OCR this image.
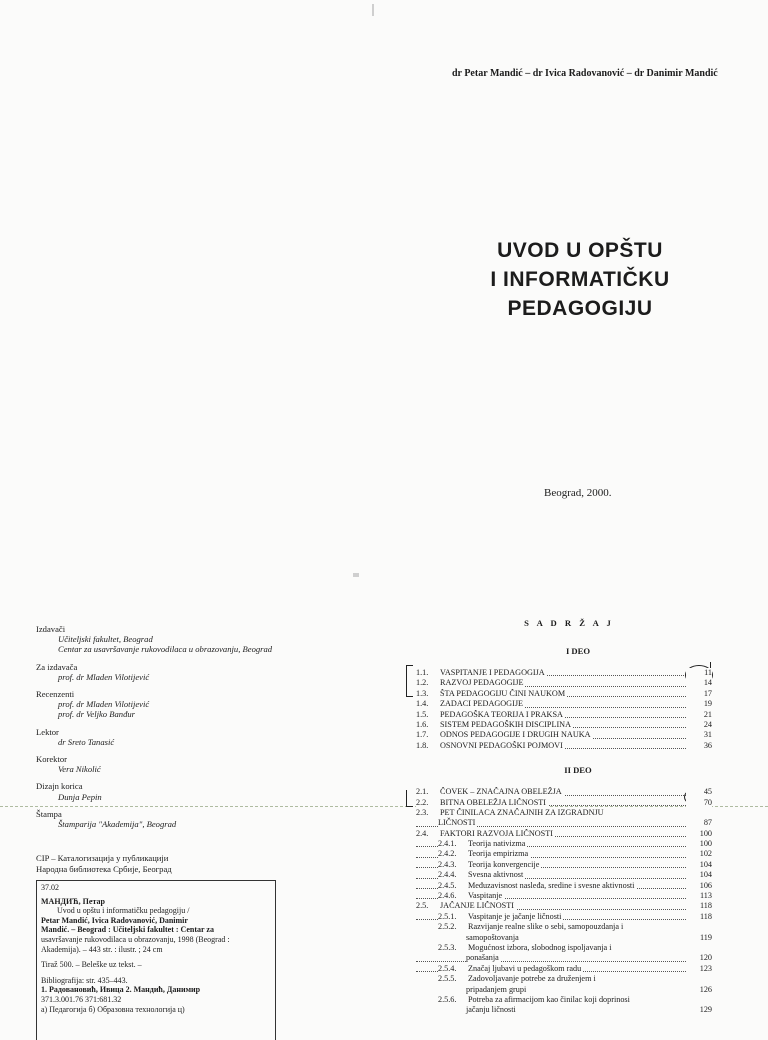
dr Petar Mandić – dr Ivica Radovanović – dr Danimir Mandić
UVOD U OPŠTU
I INFORMATIČKU
PEDAGOGIJU
Beograd, 2000.
Izdavači
Učiteljski fakultet, Beograd
Centar za usavršavanje rukovodilaca u obrazovanju, Beograd
Za izdavača
prof. dr Mladen Vilotijević
Recenzenti
prof. dr Mladen Vilotijević
prof. dr Veljko Banđur
Lektor
dr Sreto Tanasić
Korektor
Vera Nikolić
Dizajn korica
Dunja Pepin
Štampa
Štamparija "Akademija", Beograd
CIP – Каталогизација у публикацији
Народна библиотека Србије, Београд
37.02
МАНДИЋ, Петар
Uvod u opštu i informatičku pedagogiju /
Petar Mandić, Ivica Radovanović, Danimir
Mandić. – Beograd : Učiteljski fakultet : Centar za
usavršavanje rukovodilaca u obrazovanju, 1998 (Beograd :
Akademija). – 443 str. : ilustr. ; 24 cm
Tiraž 500. – Beleške uz tekst. –
Bibliografija: str. 435–443.
1. Радовановић, Ивица 2. Мандић, Данимир
371.3.001.76 371:681.32
а) Педагогија б) Образовна технологија ц)
S A D R Ž A J
I DEO
1.1. VASPITANJE I PEDAGOGIJA	11
1.2. RAZVOJ PEDAGOGIJE	14
1.3. ŠTA PEDAGOGIJU ČINI NAUKOM	17
1.4. ZADACI PEDAGOGIJE	19
1.5. PEDAGOŠKA TEORIJA I PRAKSA	21
1.6. SISTEM PEDAGOŠKIH DISCIPLINA	24
1.7. ODNOS PEDAGOGIJE I DRUGIH NAUKA	31
1.8. OSNOVNI PEDAGOŠKI POJMOVI	36
II DEO
2.1. ČOVEK – ZNAČAJNA OBELEŽJA	45
2.2. BITNA OBELEŽJA LIČNOSTI	70
2.3. PET ČINILACA ZNAČAJNIH ZA IZGRADNJU
LIČNOSTI	87
2.4. FAKTORI RAZVOJA LIČNOSTI	100
2.4.1. Teorija nativizma	100
2.4.2. Teorija empirizma	102
2.4.3. Teorija konvergencije	104
2.4.4. Svesna aktivnost	104
2.4.5. Međuzavisnost nasleđa, sredine i svesne aktivnosti	106
2.4.6. Vaspitanje	113
2.5. JAČANJE LIČNOSTI	118
2.5.1. Vaspitanje je jačanje ličnosti	118
2.5.2. Razvijanje realne slike o sebi, samopouzdanja i
samopoštovanja	119
2.5.3. Mogućnost izbora, slobodnog ispoljavanja i
ponašanja	120
2.5.4. Značaj ljubavi u pedagoškom radu	123
2.5.5. Zadovoljavanje potrebe za druženjem i
pripadanjem grupi	126
2.5.6. Potreba za afirmacijom kao činilac koji doprinosi
jačanju ličnosti	129
